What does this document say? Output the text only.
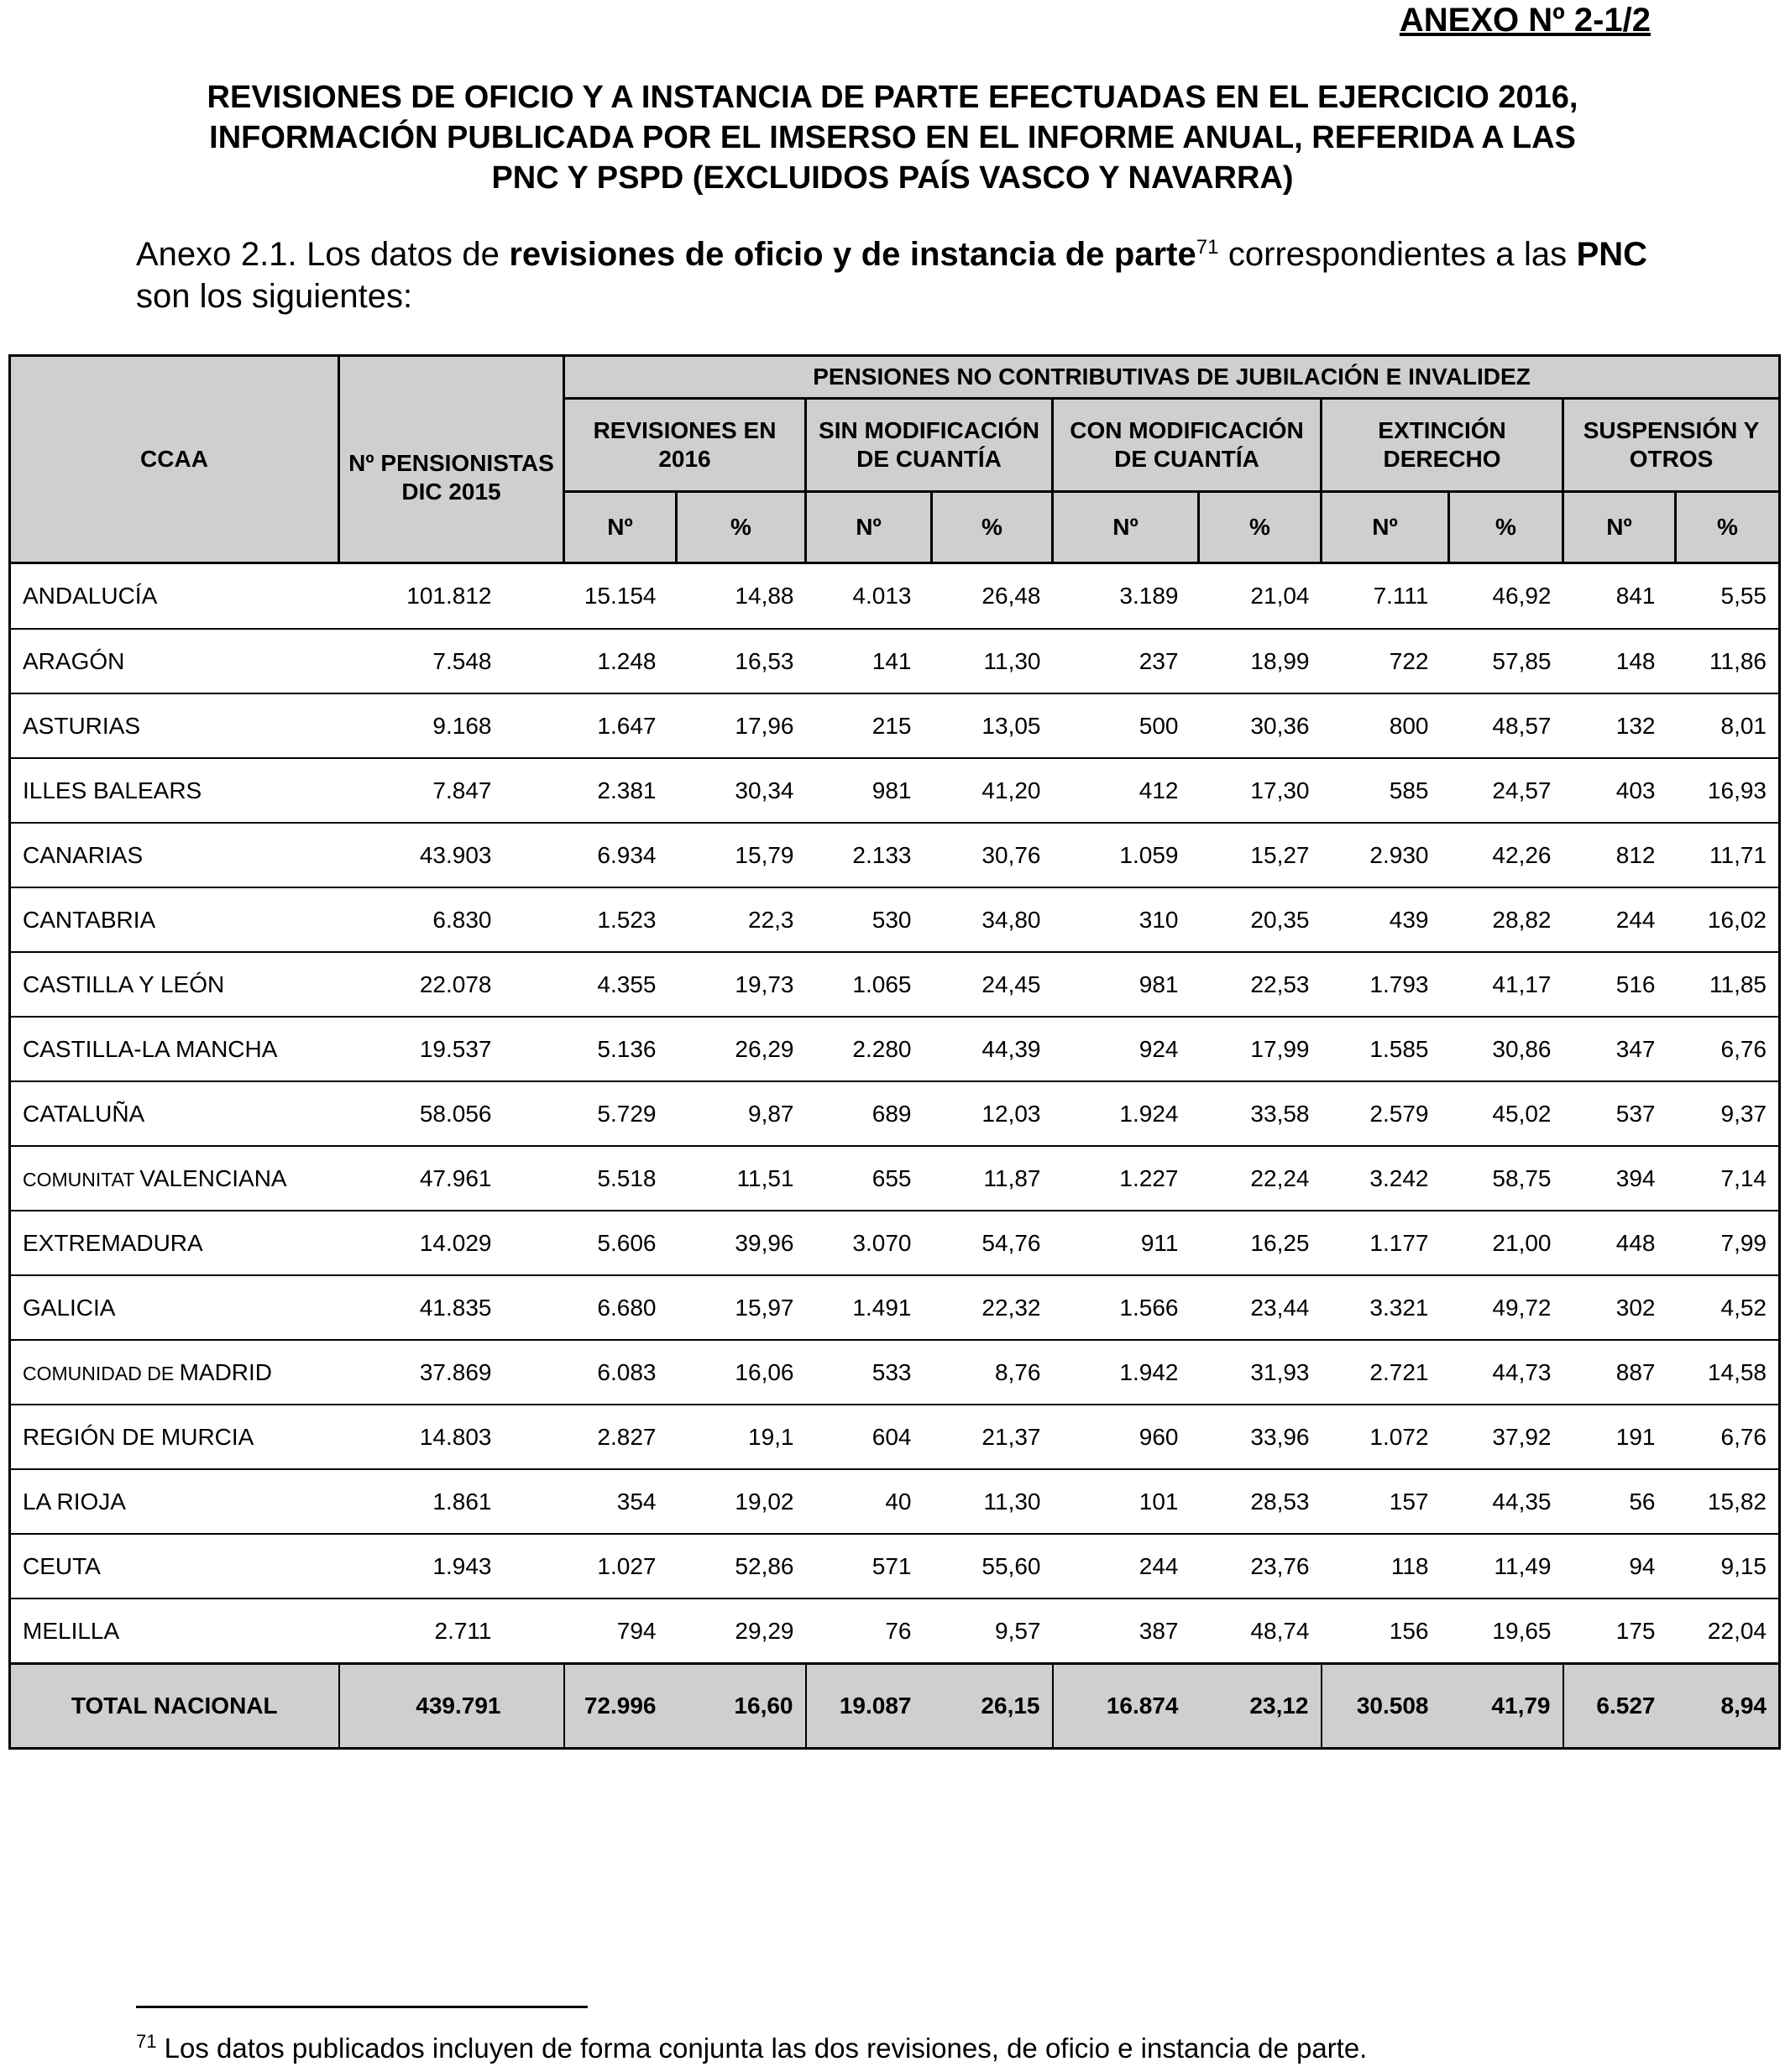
ANEXO Nº 2-1/2
REVISIONES DE OFICIO Y A INSTANCIA DE PARTE EFECTUADAS EN EL EJERCICIO 2016,
INFORMACIÓN PUBLICADA POR EL IMSERSO EN EL INFORME ANUAL, REFERIDA A LAS
PNC Y PSPD (EXCLUIDOS PAÍS VASCO Y NAVARRA)
Anexo 2.1. Los datos de revisiones de oficio y de instancia de parte$^{71}$ correspondientes a las PNC son los siguientes:
CCAA	Nº PENSIONISTAS DIC 2015	PENSIONES NO CONTRIBUTIVAS DE JUBILACIÓN E INVALIDEZ									
		REVISIONES EN 2016		SIN MODIFICACIÓN DE CUANTÍA		CON MODIFICACIÓN DE CUANTÍA		EXTINCIÓN DERECHO		SUSPENSIÓN Y OTROS	
		Nº	%	Nº	%	Nº	%	Nº	%	Nº	%
ANDALUCÍA	101.812	15.154	14,88	4.013	26,48	3.189	21,04	7.111	46,92	841	5,55
ARAGÓN	7.548	1.248	16,53	141	11,30	237	18,99	722	57,85	148	11,86
ASTURIAS	9.168	1.647	17,96	215	13,05	500	30,36	800	48,57	132	8,01
ILLES BALEARS	7.847	2.381	30,34	981	41,20	412	17,30	585	24,57	403	16,93
CANARIAS	43.903	6.934	15,79	2.133	30,76	1.059	15,27	2.930	42,26	812	11,71
CANTABRIA	6.830	1.523	22,3	530	34,80	310	20,35	439	28,82	244	16,02
CASTILLA Y LEÓN	22.078	4.355	19,73	1.065	24,45	981	22,53	1.793	41,17	516	11,85
CASTILLA-LA MANCHA	19.537	5.136	26,29	2.280	44,39	924	17,99	1.585	30,86	347	6,76
CATALUÑA	58.056	5.729	9,87	689	12,03	1.924	33,58	2.579	45,02	537	9,37
COMUNITAT VALENCIANA	47.961	5.518	11,51	655	11,87	1.227	22,24	3.242	58,75	394	7,14
EXTREMADURA	14.029	5.606	39,96	3.070	54,76	911	16,25	1.177	21,00	448	7,99
GALICIA	41.835	6.680	15,97	1.491	22,32	1.566	23,44	3.321	49,72	302	4,52
COMUNIDAD DE MADRID	37.869	6.083	16,06	533	8,76	1.942	31,93	2.721	44,73	887	14,58
REGIÓN DE MURCIA	14.803	2.827	19,1	604	21,37	960	33,96	1.072	37,92	191	6,76
LA RIOJA	1.861	354	19,02	40	11,30	101	28,53	157	44,35	56	15,82
CEUTA	1.943	1.027	52,86	571	55,60	244	23,76	118	11,49	94	9,15
MELILLA	2.711	794	29,29	76	9,57	387	48,74	156	19,65	175	22,04
TOTAL NACIONAL	439.791	72.996	16,60	19.087	26,15	16.874	23,12	30.508	41,79	6.527	8,94
$^{71}$ Los datos publicados incluyen de forma conjunta las dos revisiones, de oficio e instancia de parte.
